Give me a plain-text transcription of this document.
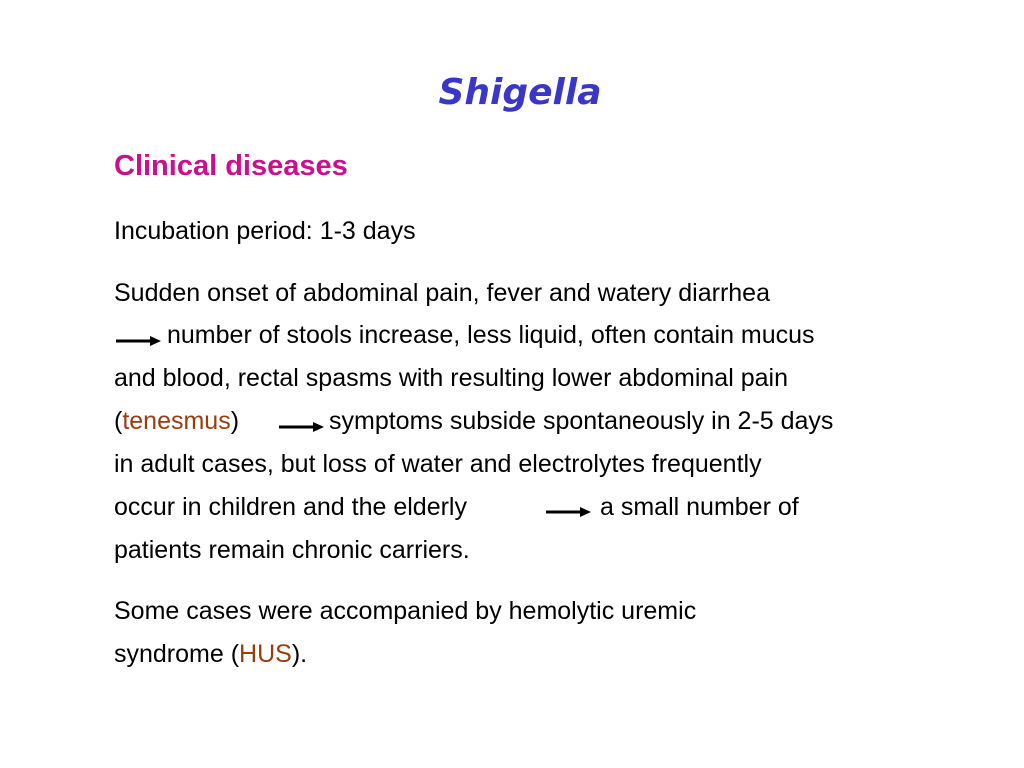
Shigella
Clinical diseases
Incubation period: 1-3 days
Sudden onset of abdominal pain, fever and watery diarrhea
number of stools increase, less liquid, often contain mucus
and blood, rectal spasms with resulting lower abdominal pain
(tenesmus)	symptoms subside spontaneously in 2-5 days
in adult cases, but loss of water and electrolytes frequently
occur in children and the elderly	a small number of
patients remain chronic carriers.
Some cases were accompanied by hemolytic uremic
syndrome (HUS).
